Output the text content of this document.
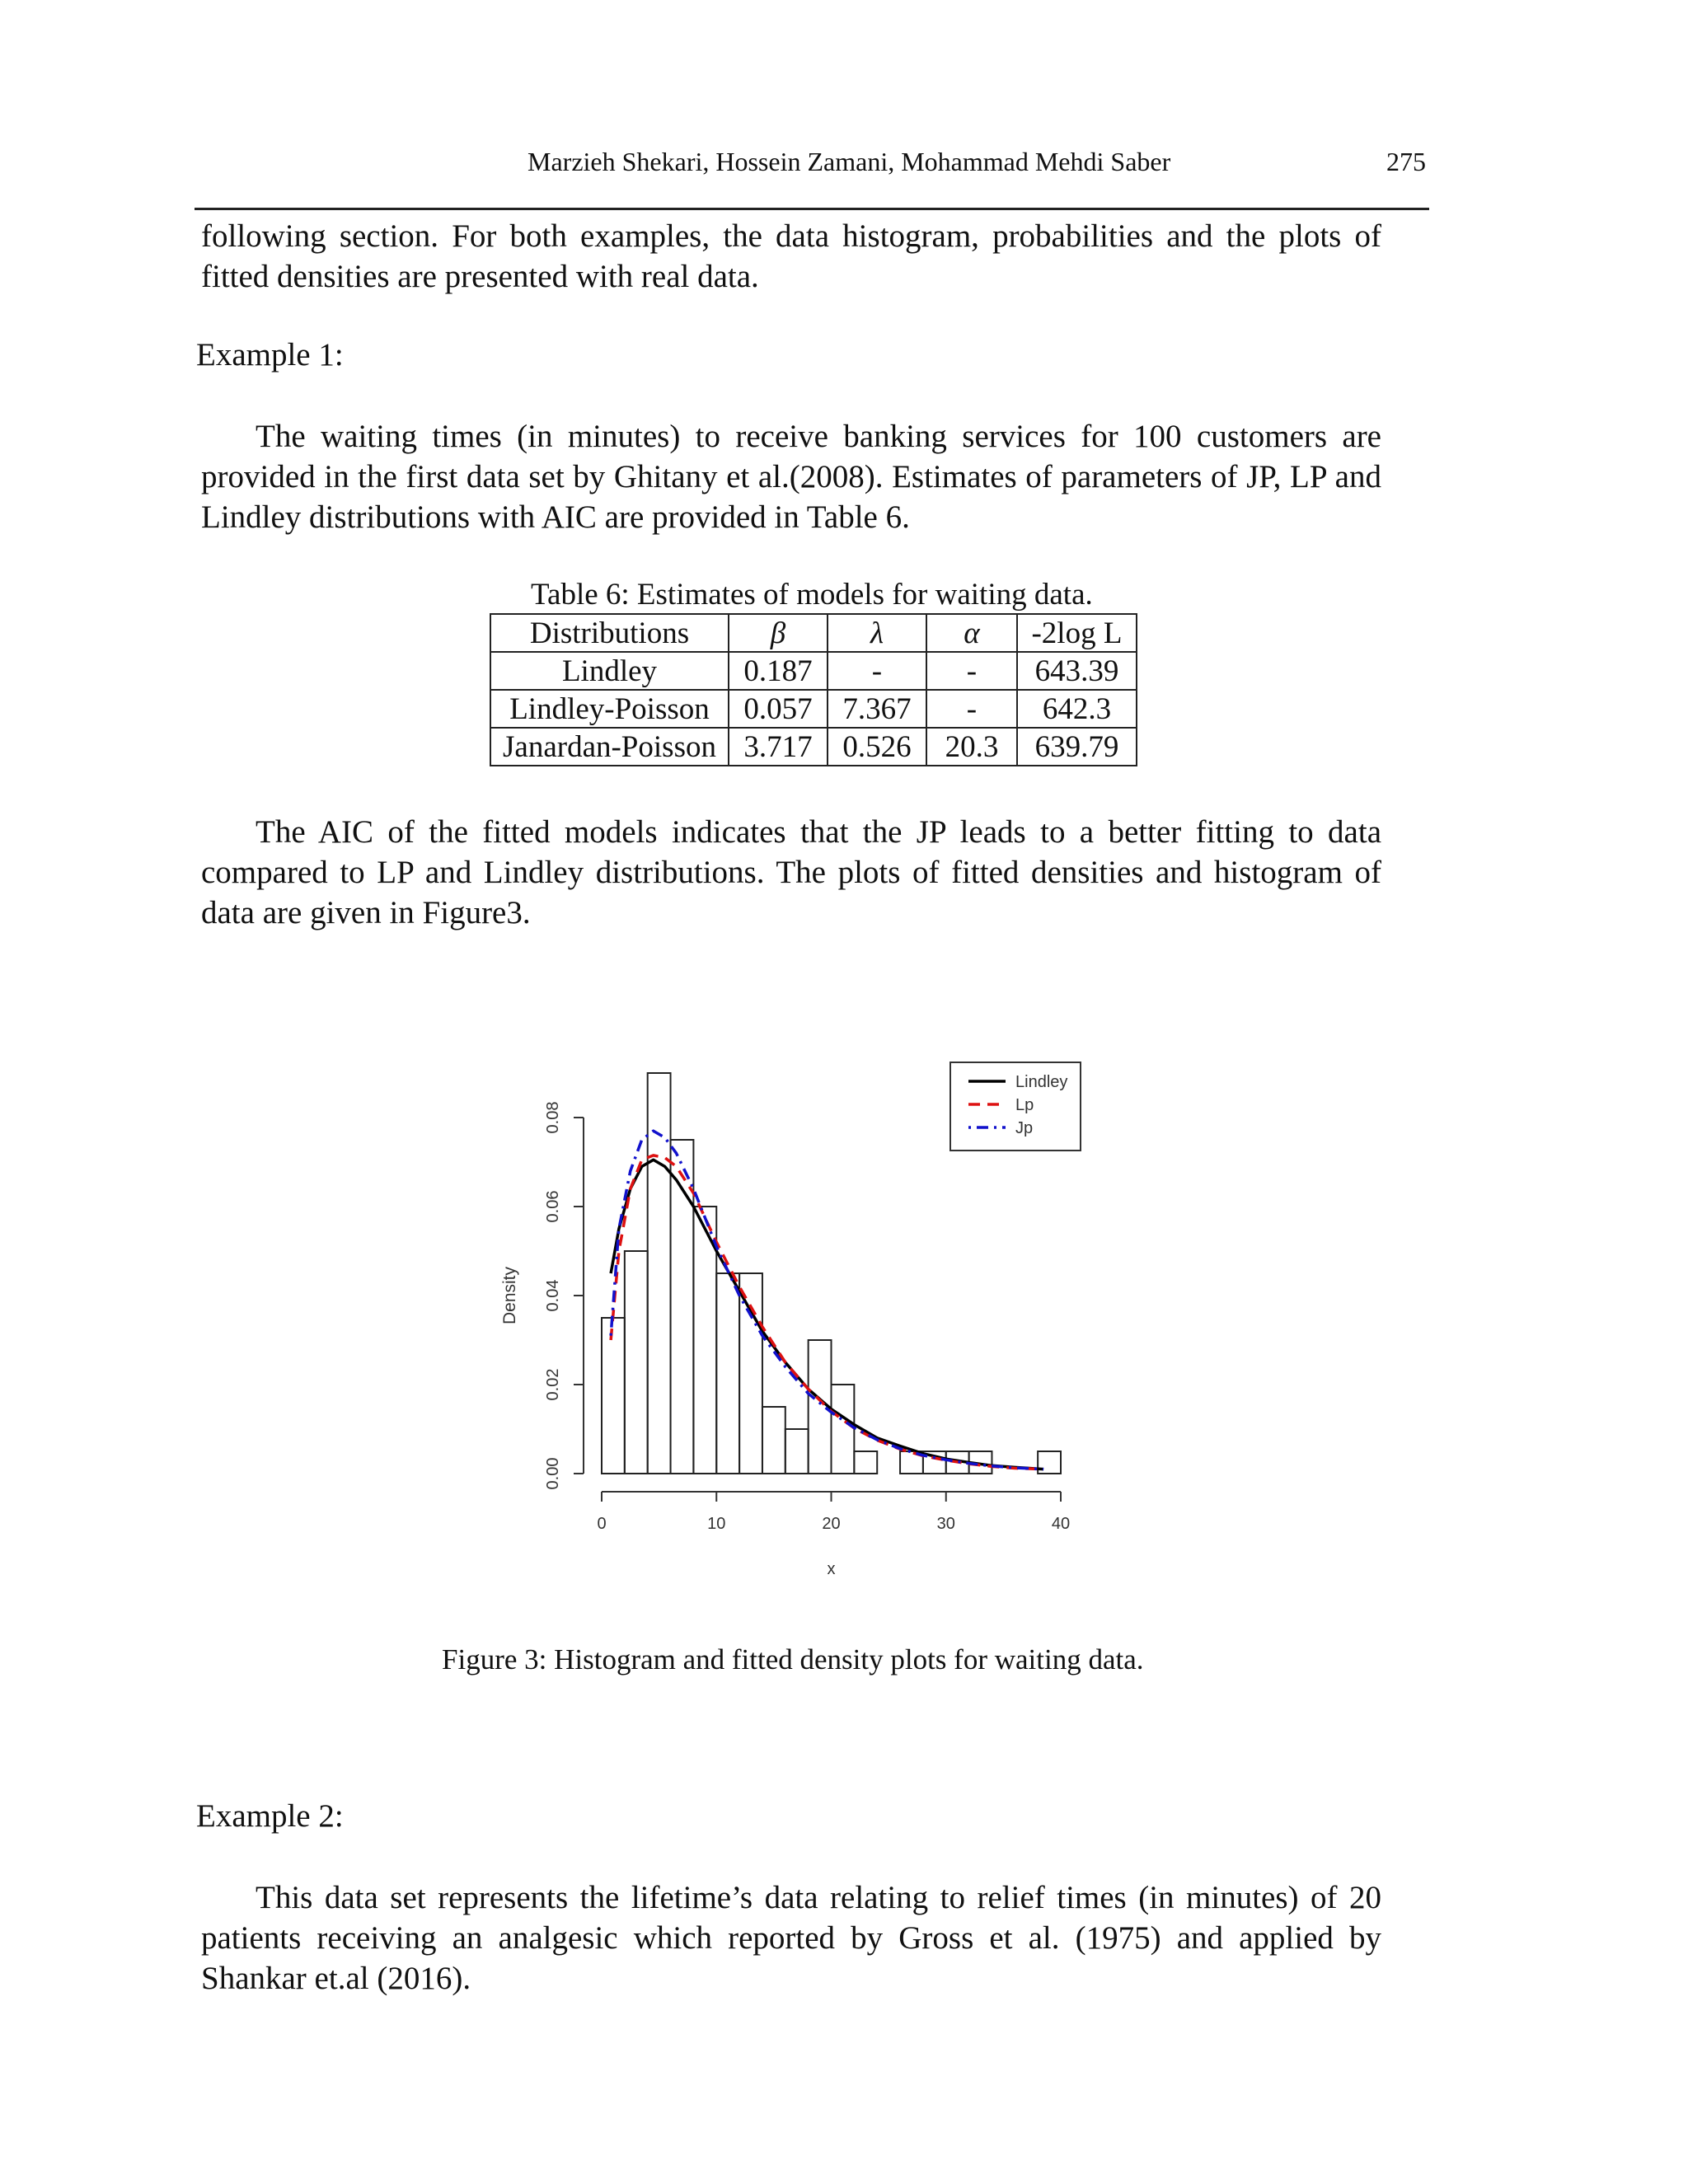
Marzieh Shekari, Hossein Zamani, Mohammad Mehdi Saber	275
following section. For both examples, the data histogram, probabilities and the plots of fitted densities are presented with real data.
Example 1:
The waiting times (in minutes) to receive banking services for 100 customers are provided in the first data set by Ghitany et al.(2008). Estimates of parameters of JP, LP and Lindley distributions with AIC are provided in Table 6.
Table 6: Estimates of models for waiting data.
Distributions	β	λ	α	-2log L
Lindley	0.187	-	-	643.39
Lindley-Poisson	0.057	7.367	-	642.3
Janardan-Poisson	3.717	0.526	20.3	639.79
The AIC of the fitted models indicates that the JP leads to a better fitting to data compared to LP and Lindley distributions. The plots of fitted densities and histogram of data are given in Figure3.
0	10	20	30	40
0.00
0.02
0.04
0.06
0.08
x
Density
Lindley
Lp
Jp
Figure 3: Histogram and fitted density plots for waiting data.
Example 2:
This data set represents the lifetime’s data relating to relief times (in minutes) of 20 patients receiving an analgesic which reported by Gross et al. (1975) and applied by Shankar et.al (2016).
